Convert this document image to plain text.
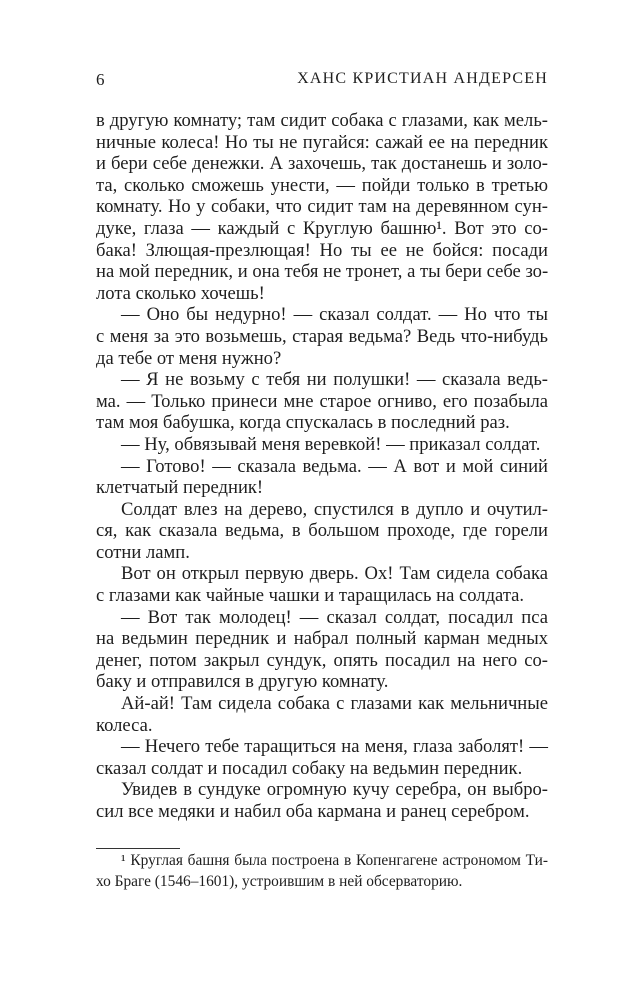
6	ХАНС КРИСТИАН АНДЕРСЕН
в другую комнату; там сидит собака с глазами, как мель-
ничные колеса! Но ты не пугайся: сажай ее на передник
и бери себе денежки. А захочешь, так достанешь и золо-
та, сколько сможешь унести, — пойди только в третью
комнату. Но у собаки, что сидит там на деревянном сун-
дуке, глаза — каждый с Круглую башню¹. Вот это со-
бака! Злющая-презлющая! Но ты ее не бойся: посади
на мой передник, и она тебя не тронет, а ты бери себе зо-
лота сколько хочешь!
— Оно бы недурно! — сказал солдат. — Но что ты
с меня за это возьмешь, старая ведьма? Ведь что-нибудь
да тебе от меня нужно?
— Я не возьму с тебя ни полушки! — сказала ведь-
ма. — Только принеси мне старое огниво, его позабыла
там моя бабушка, когда спускалась в последний раз.
— Ну, обвязывай меня веревкой! — приказал солдат.
— Готово! — сказала ведьма. — А вот и мой синий
клетчатый передник!
Солдат влез на дерево, спустился в дупло и очутил-
ся, как сказала ведьма, в большом проходе, где горели
сотни ламп.
Вот он открыл первую дверь. Ох! Там сидела собака
с глазами как чайные чашки и таращилась на солдата.
— Вот так молодец! — сказал солдат, посадил пса
на ведьмин передник и набрал полный карман медных
денег, потом закрыл сундук, опять посадил на него со-
баку и отправился в другую комнату.
Ай-ай! Там сидела собака с глазами как мельничные
колеса.
— Нечего тебе таращиться на меня, глаза заболят! —
сказал солдат и посадил собаку на ведьмин передник.
Увидев в сундуке огромную кучу серебра, он выбро-
сил все медяки и набил оба кармана и ранец серебром.
¹ Круглая башня была построена в Копенгагене астрономом Ти-
хо Браге (1546–1601), устроившим в ней обсерваторию.
